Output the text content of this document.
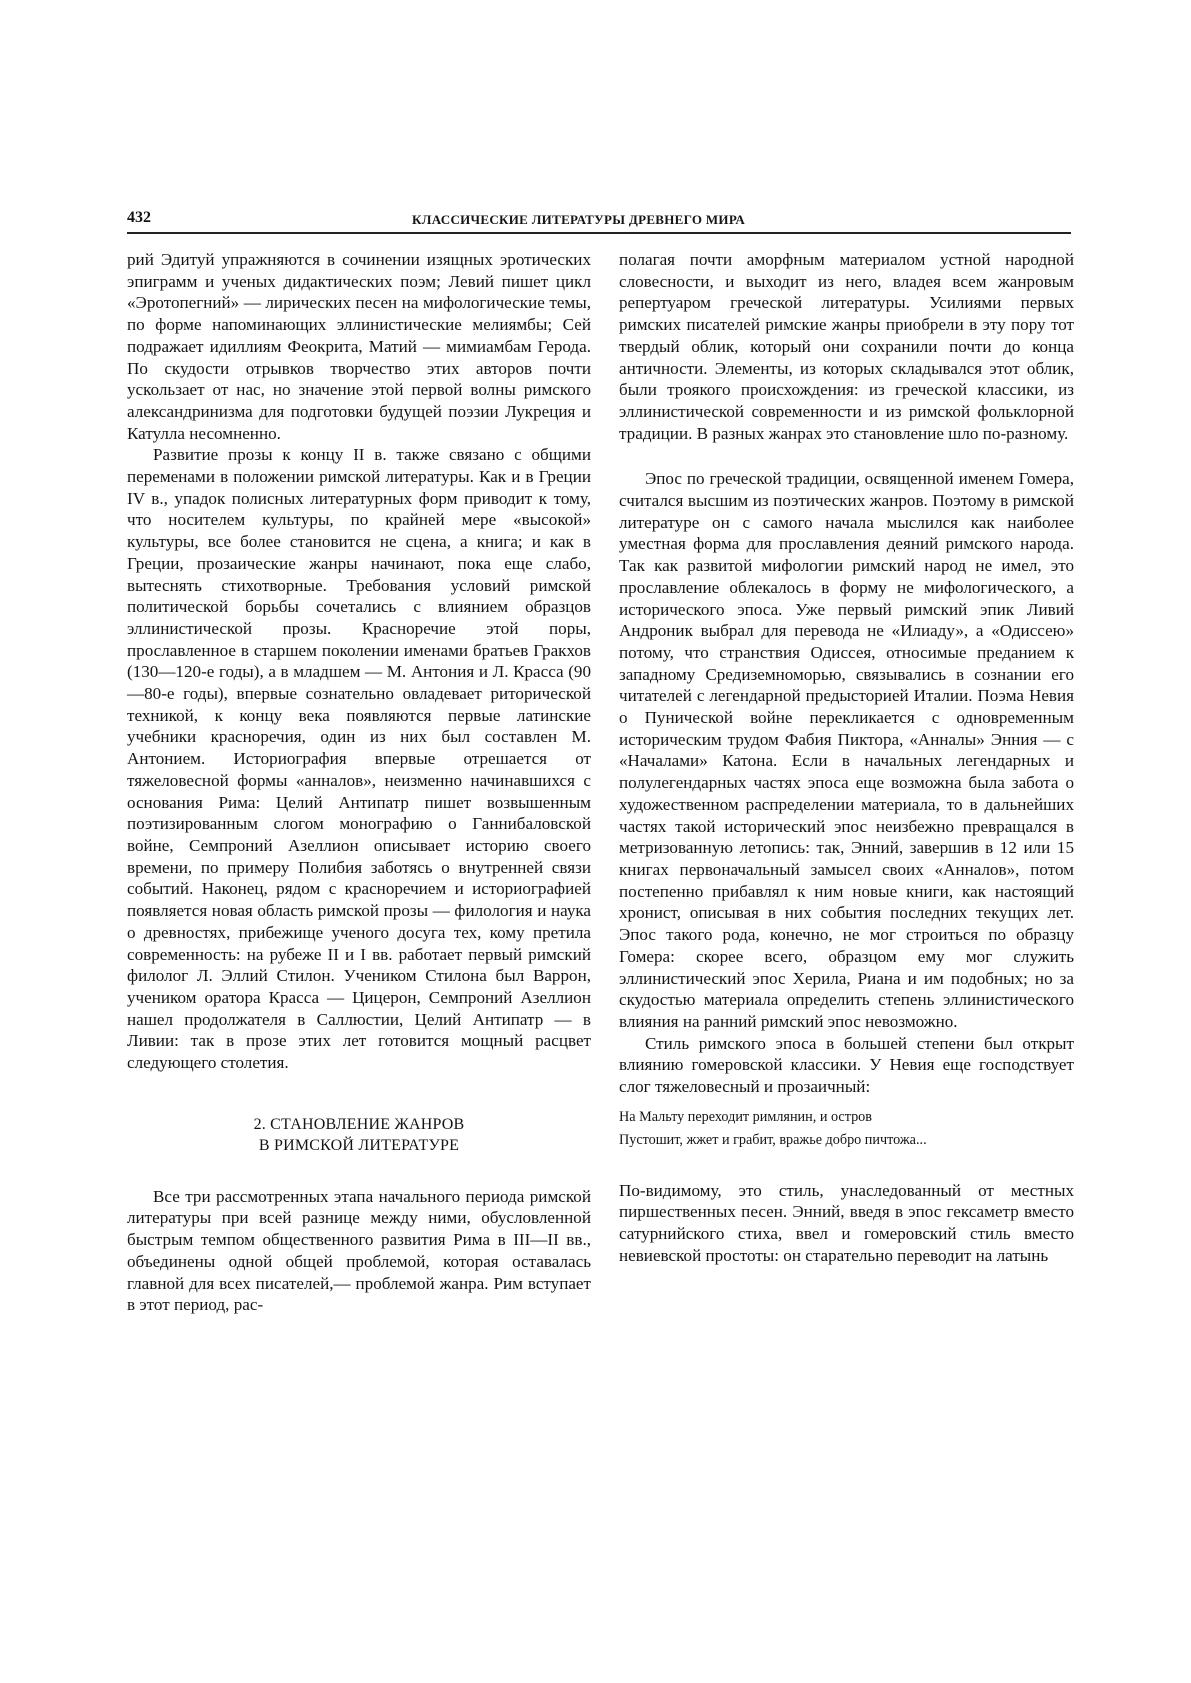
432	КЛАССИЧЕСКИЕ ЛИТЕРАТУРЫ ДРЕВНЕГО МИРА

рий Эдитуй упражняются в сочинении изящных эротических эпиграмм и ученых дидактических поэм; Левий пишет цикл «Эротопегний» — лирических песен на мифологические темы, по форме напоминающих эллинистические мелиямбы; Сей подражает идиллиям Феокрита, Матий — мимиамбам Герода. По скудости отрывков творчество этих авторов почти ускользает от нас, но значение этой первой волны римского александринизма для подготовки будущей поэзии Лукреция и Катулла несомненно.

Развитие прозы к концу II в. также связано с общими переменами в положении римской литературы. Как и в Греции IV в., упадок полисных литературных форм приводит к тому, что носителем культуры, по крайней мере «высокой» культуры, все более становится не сцена, а книга; и как в Греции, прозаические жанры начинают, пока еще слабо, вытеснять стихотворные. Требования условий римской политической борьбы сочетались с влиянием образцов эллинистической прозы. Красноречие этой поры, прославленное в старшем поколении именами братьев Гракхов (130—120-е годы), а в младшем — М. Антония и Л. Красса (90—80-е годы), впервые сознательно овладевает риторической техникой, к концу века появляются первые латинские учебники красноречия, один из них был составлен М. Антонием. Историография впервые отрешается от тяжеловесной формы «анналов», неизменно начинавшихся с основания Рима: Целий Антипатр пишет возвышенным поэтизированным слогом монографию о Ганнибаловской войне, Семпроний Азеллион описывает историю своего времени, по примеру Полибия заботясь о внутренней связи событий. Наконец, рядом с красноречием и историографией появляется новая область римской прозы — филология и наука о древностях, прибежище ученого досуга тех, кому претила современность: на рубеже II и I вв. работает первый римский филолог Л. Эллий Стилон. Учеником Стилона был Варрон, учеником оратора Красса — Цицерон, Семпроний Азеллион нашел продолжателя в Саллюстии, Целий Антипатр — в Ливии: так в прозе этих лет готовится мощный расцвет следующего столетия.

2. СТАНОВЛЕНИЕ ЖАНРОВ
В РИМСКОЙ ЛИТЕРАТУРЕ

Все три рассмотренных этапа начального периода римской литературы при всей разнице между ними, обусловленной быстрым темпом общественного развития Рима в III—II вв., объединены одной общей проблемой, которая оставалась главной для всех писателей,— проблемой жанра. Рим вступает в этот период, рас-

полагая почти аморфным материалом устной народной словесности, и выходит из него, владея всем жанровым репертуаром греческой литературы. Усилиями первых римских писателей римские жанры приобрели в эту пору тот твердый облик, который они сохранили почти до конца античности. Элементы, из которых складывался этот облик, были троякого происхождения: из греческой классики, из эллинистической современности и из римской фольклорной традиции. В разных жанрах это становление шло по-разному.

Эпос по греческой традиции, освященной именем Гомера, считался высшим из поэтических жанров. Поэтому в римской литературе он с самого начала мыслился как наиболее уместная форма для прославления деяний римского народа. Так как развитой мифологии римский народ не имел, это прославление облекалось в форму не мифологического, а исторического эпоса. Уже первый римский эпик Ливий Андроник выбрал для перевода не «Илиаду», а «Одиссею» потому, что странствия Одиссея, относимые преданием к западному Средиземноморью, связывались в сознании его читателей с легендарной предысторией Италии. Поэма Невия о Пунической войне перекликается с одновременным историческим трудом Фабия Пиктора, «Анналы» Энния — с «Началами» Катона. Если в начальных легендарных и полулегендарных частях эпоса еще возможна была забота о художественном распределении материала, то в дальнейших частях такой исторический эпос неизбежно превращался в метризованную летопись: так, Энний, завершив в 12 или 15 книгах первоначальный замысел своих «Анналов», потом постепенно прибавлял к ним новые книги, как настоящий хронист, описывая в них события последних текущих лет. Эпос такого рода, конечно, не мог строиться по образцу Гомера: скорее всего, образцом ему мог служить эллинистический эпос Херила, Риана и им подобных; но за скудостью материала определить степень эллинистического влияния на ранний римский эпос невозможно.

Стиль римского эпоса в большей степени был открыт влиянию гомеровской классики. У Невия еще господствует слог тяжеловесный и прозаичный:

На Мальту переходит римлянин, и остров
Пустошит, жжет и грабит, вражье добро пичтожа...

По-видимому, это стиль, унаследованный от местных пиршественных песен. Энний, введя в эпос гексаметр вместо сатурнийского стиха, ввел и гомеровский стиль вместо невиевской простоты: он старательно переводит на латынь
